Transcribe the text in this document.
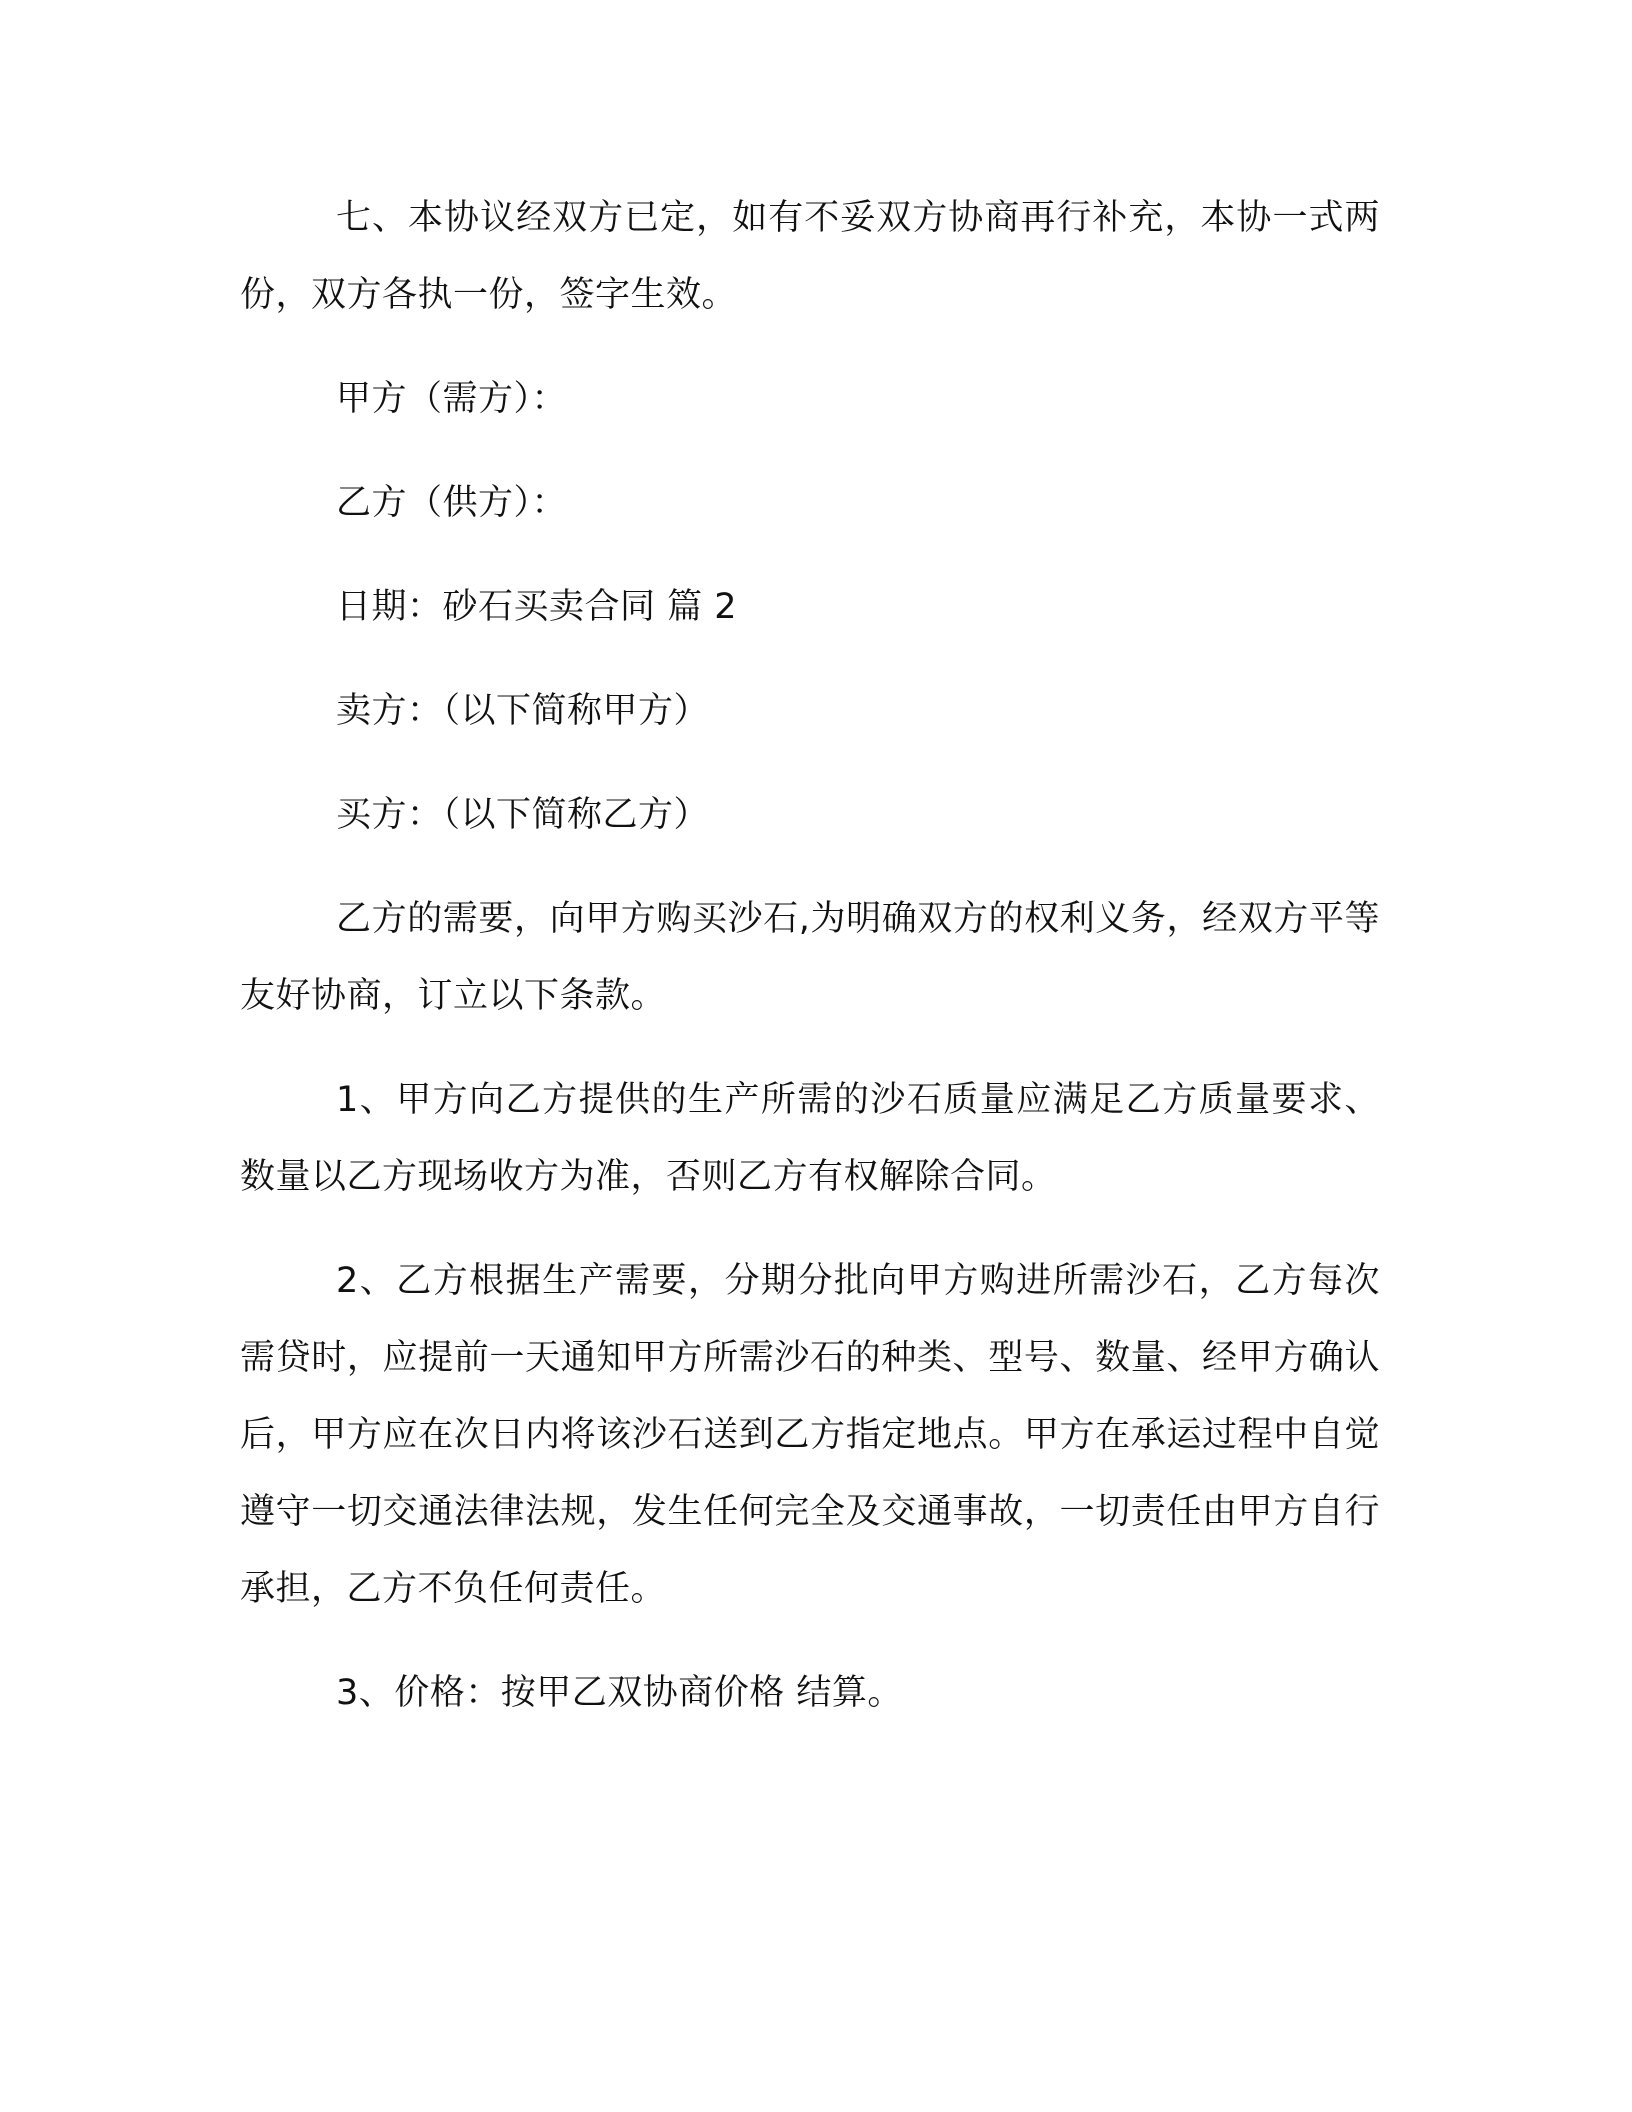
七、本协议经双方已定，如有不妥双方协商再行补充，本协一式两份，双方各执一份，签字生效。

甲方（需方）：

乙方（供方）：

日期：砂石买卖合同 篇 2

卖方：（以下简称甲方）

买方：（以下简称乙方）

乙方的需要，向甲方购买沙石,为明确双方的权利义务，经双方平等友好协商，订立以下条款。

1、甲方向乙方提供的生产所需的沙石质量应满足乙方质量要求、数量以乙方现场收方为准，否则乙方有权解除合同。

2、乙方根据生产需要，分期分批向甲方购进所需沙石，乙方每次需贷时，应提前一天通知甲方所需沙石的种类、型号、数量、经甲方确认后，甲方应在次日内将该沙石送到乙方指定地点。甲方在承运过程中自觉遵守一切交通法律法规，发生任何完全及交通事故，一切责任由甲方自行承担，乙方不负任何责任。

3、价格：按甲乙双协商价格 结算。
